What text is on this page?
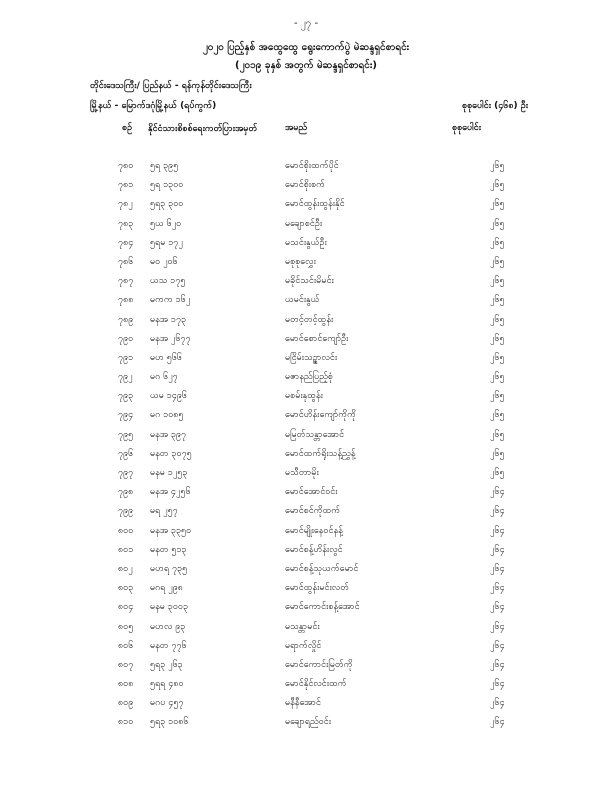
- ၂၇ -
၂၀၂၀ ပြည့်နှစ် အထွေထွေ ရွေးကောက်ပွဲ မဲဆန္ဒရှင်စာရင်း
(၂၀၁၉ ခုနှစ် အတွက် မဲဆန္ဒရှင်စာရင်း)
တိုင်းဒေသကြီး/ ပြည်နယ် - ရန်ကုန်တိုင်းဒေသကြီး
မြို့နယ် - မြောက်ဒဂုံမြို့နယ် (ရပ်ကွက်)	စုစုပေါင်း (၄၆၈) ဦး
စဉ် နိုင်ငံသားစိစစ်ရေးကတ်ပြားအမှတ်	အမည်	စုစုပေါင်း
၇၈၀ ၅ရ ၃၉၅	မောင်စိုးထက်ပိုင်	၂၆၅
၇၈၁ ၅ရ ၁၃၀၀	မောင်စိုးစက်	၂၆၅
၇၈၂ ၅ရ၃ ၃၀၀	မောင်ထွန်းထွန်းနိုင်	၂၆၅
၇၈၃ ၅ယ ၆၂၀	မချောစင်ဦး	၂၆၅
၇၈၄ ၅ရမ ၁၇၂	မသင်းနွယ်ဦး	၂၆၅
၇၈၆ မ၀ ၂၀၆	မစုစုလွှေး	၂၆၅
၇၈၇ ယသ ၁၇၅	မခိုင်သင်းမိမင်း	၂၆၅
၇၈၈ မကက ၁၆၂	ယမင်းနွယ်	၂၆၅
၇၈၉ မနအ ၁၇၃	မတင့်တင့်ထွန်း	၂၆၅
၇၉၀ မနအ ၂၆၇၇	မောင်စောင်ကျော်ဦး	၂၆၅
၇၉၁ မဟ ၅၆၆	မငြိမ်းသဉ္ဇာလင်း	၂၆၅
၇၉၂ မဂ ၆၂၇	မဇာနည်ပြည့်စုံ	၂၆၅
၇၉၃ ယမ ၁၄၉၆	မစမ်းနုထွန်း	၂၆၅
၇၉၄ မဂ ၁၀၈၅	မောင်ဟိန်းကျော်ကိုကို	၂၆၅
၇၉၅ မနအ ၃၉၇	မမြတ်သန္တာအောင်	၂၆၅
၇၉၆ မနတ ၃၀၇၅	မောင်ထက်ရိုးသန့်ညွှန့်	၂၆၅
၇၉၇ မနမ ၁၂၅၃	မသီတာမိုး	၂၆၅
၇၉၈ မနအ ၄၂၅၆	မောင်အောင်ဝင်း	၂၆၄
၇၉၉ မရ ၂၅၇	မောင်စင်ကိုထက်	၂၆၄
၈၀၀ မနအ ၃၃၅၀	မောင်မျိုးနေဝင်နန့်	၂၆၄
၈၀၁ မနတ ၅၁၃	မောင်စန့်ဟိန်းလွင်	၂၆၄
၈၀၂ မဟရ ၇၃၅	မောင်စန့်သုယက်မောင်	၂၆၄
၈၀၃ မဂရ ၂၉၈	မောင်ထွန်းမင်းလတ်	၂၆၄
၈၀၄ မနမ ၃၀၀၃	မောင်ကောင်းစန့်အောင်	၂၆၄
၈၀၅ မဟလ ၉၃	မသန္တာမင်း	၂၆၄
၈၀၆ မနတ ၇၇၆	မရာက်လှိုင်	၂၆၄
၈၀၇ ၅ရ၃ ၂၆၃	မောင်ကောင်းမြတ်ကို	၂၆၄
၈၀၈ ၅ရရ ၄၈၀	မောင်နိုင်လင်းထက်	၂၆၄
၈၀၉ မဂပ ၄၅၇	မနီနီအောင်	၂၆၄
၈၁၀ ၅ရ၃ ၁၀၈၆	မချောရည်ဝင်း	၂၆၄
